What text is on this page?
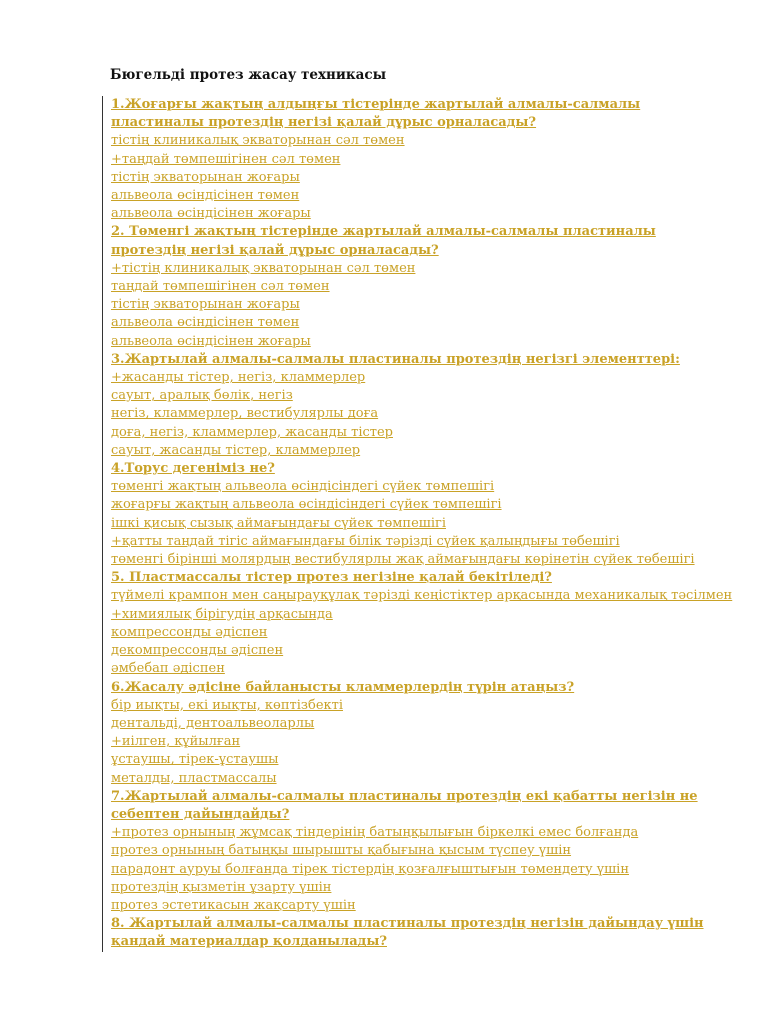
Бюгельді протез жасау техникасы
1.Жоғарғы жақтың алдыңғы тістерінде жартылай алмалы-салмалы пластиналы протездің негізі қалай дұрыс орналасады?
тістің клиникалық экваторынан сәл төмен
+таңдай төмпешігінен сәл төмен
тістің экваторынан жоғары
альвеола өсіндісінен төмен
альвеола өсіндісінен жоғары
2. Төменгі жақтың тістерінде жартылай алмалы-салмалы пластиналы протездің негізі қалай дұрыс орналасады?
+тістің клиникалық экваторынан сәл төмен
таңдай төмпешігінен сәл төмен
тістің экваторынан жоғары
альвеола өсіндісінен төмен
альвеола өсіндісінен жоғары
3.Жартылай алмалы-салмалы пластиналы протездің негізгі элементтері:
+жасанды тістер, негіз, кламмерлер
сауыт, аралық бөлік, негіз
негіз, кламмерлер, вестибулярлы доға
доға, негіз, кламмерлер, жасанды тістер
сауыт, жасанды тістер, кламмерлер
4.Торус дегеніміз не?
төменгі жақтың альвеола өсіндісіндегі сүйек төмпешігі
жоғарғы жақтың альвеола өсіндісіндегі сүйек төмпешігі
ішкі қисық сызық аймағындағы сүйек төмпешігі
+қатты таңдай тігіс аймағындағы білік тәрізді сүйек қалыңдығы төбешігі
төменгі бірінші молярдың вестибулярлы жақ аймағындағы көрінетін сүйек төбешігі
5. Пластмассалы тістер протез негізіне қалай бекітіледі?
түймелі крампон мен саңырауқұлақ тәрізді кеңістіктер арқасында механикалық тәсілмен
+химиялық бірігудің арқасында
компрессонды әдіспен
декомпрессонды әдіспен
әмбебап әдіспен
6.Жасалу әдісіне байланысты кламмерлердің түрін атаңыз?
бір иықты, екі иықты, көптізбекті
дентальді, дентоальвеоларлы
+иілген, құйылған
ұстаушы, тірек-ұстаушы
металды, пластмассалы
7.Жартылай алмалы-салмалы пластиналы протездің екі қабатты негізін не себептен дайындайды?
+протез орнының жұмсақ тіндерінің батыңқылығын біркелкі емес болғанда
протез орнының батыңқы шырышты қабығына қысым түспеу үшін
парадонт ауруы болғанда тірек тістердің қозғалғыштығын төмендету үшін
протездің қызметін ұзарту үшін
протез эстетикасын жақсарту үшін
8. Жартылай алмалы-салмалы пластиналы протездің негізін дайындау үшін қандай материалдар қолданылады?
